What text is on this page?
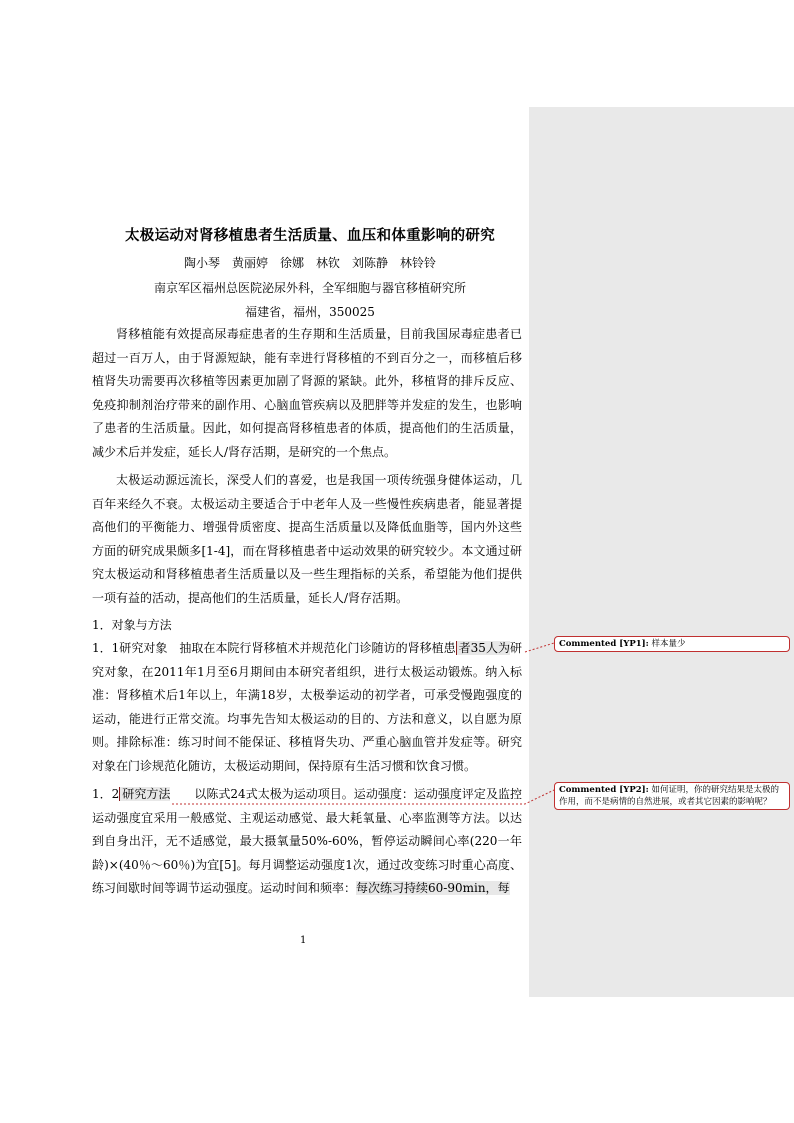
太极运动对肾移植患者生活质量、血压和体重影响的研究
陶小琴　黄丽婷　徐娜　林钦　刘陈静　林铃铃
南京军区福州总医院泌尿外科，全军细胞与器官移植研究所
福建省，福州，350025
肾移植能有效提高尿毒症患者的生存期和生活质量，目前我国尿毒症患者已超过一百万人，由于肾源短缺，能有幸进行肾移植的不到百分之一，而移植后移植肾失功需要再次移植等因素更加剧了肾源的紧缺。此外，移植肾的排斥反应、免疫抑制剂治疗带来的副作用、心脑血管疾病以及肥胖等并发症的发生，也影响了患者的生活质量。因此，如何提高肾移植患者的体质，提高他们的生活质量，减少术后并发症，延长人/肾存活期，是研究的一个焦点。
太极运动源远流长，深受人们的喜爱，也是我国一项传统强身健体运动，几百年来经久不衰。太极运动主要适合于中老年人及一些慢性疾病患者，能显著提高他们的平衡能力、增强骨质密度、提高生活质量以及降低血脂等，国内外这些方面的研究成果颇多[1-4]，而在肾移植患者中运动效果的研究较少。本文通过研究太极运动和肾移植患者生活质量以及一些生理指标的关系，希望能为他们提供一项有益的活动，提高他们的生活质量，延长人/肾存活期。
1．对象与方法
1．1研究对象　抽取在本院行肾移植术并规范化门诊随访的肾移植患 者35人为研究对象，在2011年1月至6月期间由本研究者组织，进行太极运动锻炼。纳入标准：肾移植术后1年以上，年满18岁，太极拳运动的初学者，可承受慢跑强度的运动，能进行正常交流。均事先告知太极运动的目的、方法和意义，以自愿为原则。排除标准：练习时间不能保证、移植肾失功、严重心脑血管并发症等。研究对象在门诊规范化随访，太极运动期间，保持原有生活习惯和饮食习惯。
1．2 研究方法　　以陈式24式太极为运动项目。运动强度：运动强度评定及监控运动强度宜采用一般感觉、主观运动感觉、最大耗氧量、心率监测等方法。以达到自身出汗，无不适感觉，最大摄氧量50%-60%，暂停运动瞬间心率(220一年龄)×(40％～60％)为宜[5]。每月调整运动强度1次，通过改变练习时重心高度、练习间歇时间等调节运动强度。运动时间和频率：每次练习持续60-90min，每
1
Commented [YP1]: 样本量少
Commented [YP2]: 如何证明，你的研究结果是太极的作用，而不是病情的自然进展，或者其它因素的影响呢？
